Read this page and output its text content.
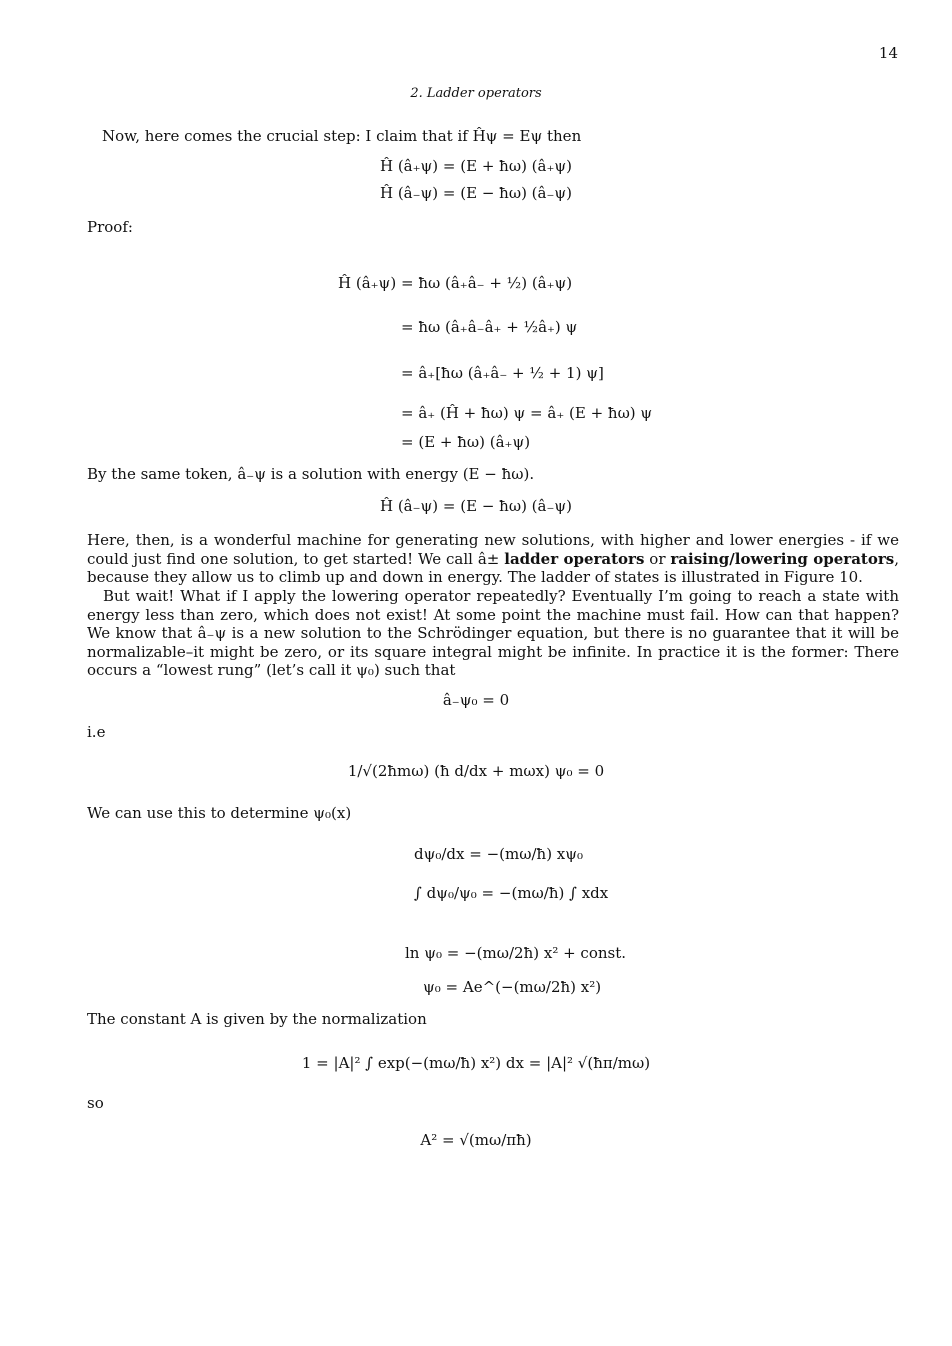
14
2. Ladder operators
Now, here comes the crucial step: I claim that if Ĥψ = Eψ then
Ĥ (â₊ψ) = (E + ħω) (â₊ψ)
Ĥ (â₋ψ) = (E − ħω) (â₋ψ)
Proof:
Ĥ (â₊ψ) = ħω (â₊â₋ + ½) (â₊ψ)
= ħω (â₊â₋â₊ + ½â₊) ψ
= â₊[ħω (â₊â₋ + ½ + 1) ψ]
= â₊ (Ĥ + ħω) ψ = â₊ (E + ħω) ψ
= (E + ħω) (â₊ψ)
By the same token, â₋ψ is a solution with energy (E − ħω).
Ĥ (â₋ψ) = (E − ħω) (â₋ψ)
Here, then, is a wonderful machine for generating new solutions, with higher and lower energies - if we could just find one solution, to get started! We call â± ladder operators or raising/lowering operators, because they allow us to climb up and down in energy. The ladder of states is illustrated in Figure 10.
But wait! What if I apply the lowering operator repeatedly? Eventually I’m going to reach a state with energy less than zero, which does not exist! At some point the machine must fail. How can that happen? We know that â₋ψ is a new solution to the Schrödinger equation, but there is no guarantee that it will be normalizable–it might be zero, or its square integral might be infinite. In practice it is the former: There occurs a “lowest rung” (let’s call it ψ₀) such that
â₋ψ₀ = 0
i.e
1/√(2ħmω) (ħ d/dx + mωx) ψ₀ = 0
We can use this to determine ψ₀(x)
dψ₀/dx = −(mω/ħ) xψ₀
∫ dψ₀/ψ₀ = −(mω/ħ) ∫ xdx
ln ψ₀ = −(mω/2ħ) x² + const.
ψ₀ = Ae^(−(mω/2ħ) x²)
The constant A is given by the normalization
1 = |A|² ∫ exp(−(mω/ħ) x²) dx = |A|² √(ħπ/mω)
so
A² = √(mω/πħ)
